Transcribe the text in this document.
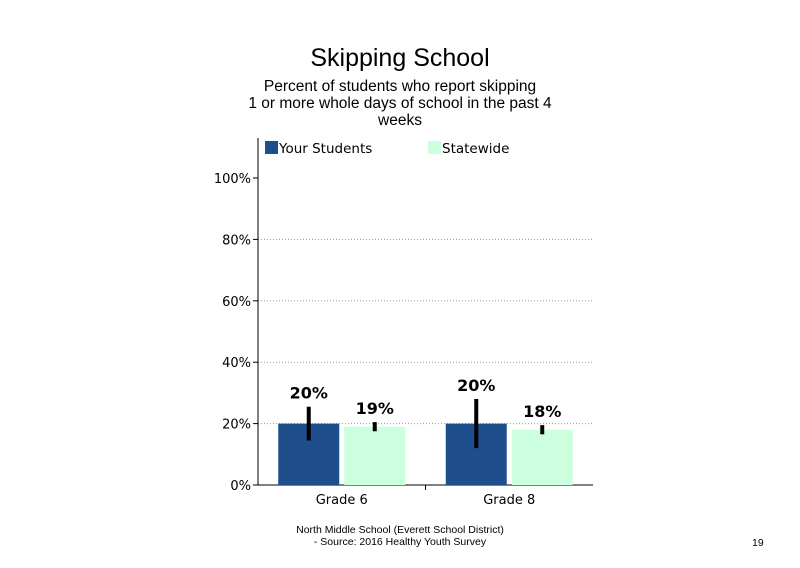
Skipping School
Percent of students who report skipping
1 or more whole days of school in the past 4
weeks
0%
20%
40%
60%
80%
100%
20%
19%
Grade 6
20%
18%
Grade 8
Your Students	Statewide
North Middle School (Everett School District)
- Source: 2016 Healthy Youth Survey	19
